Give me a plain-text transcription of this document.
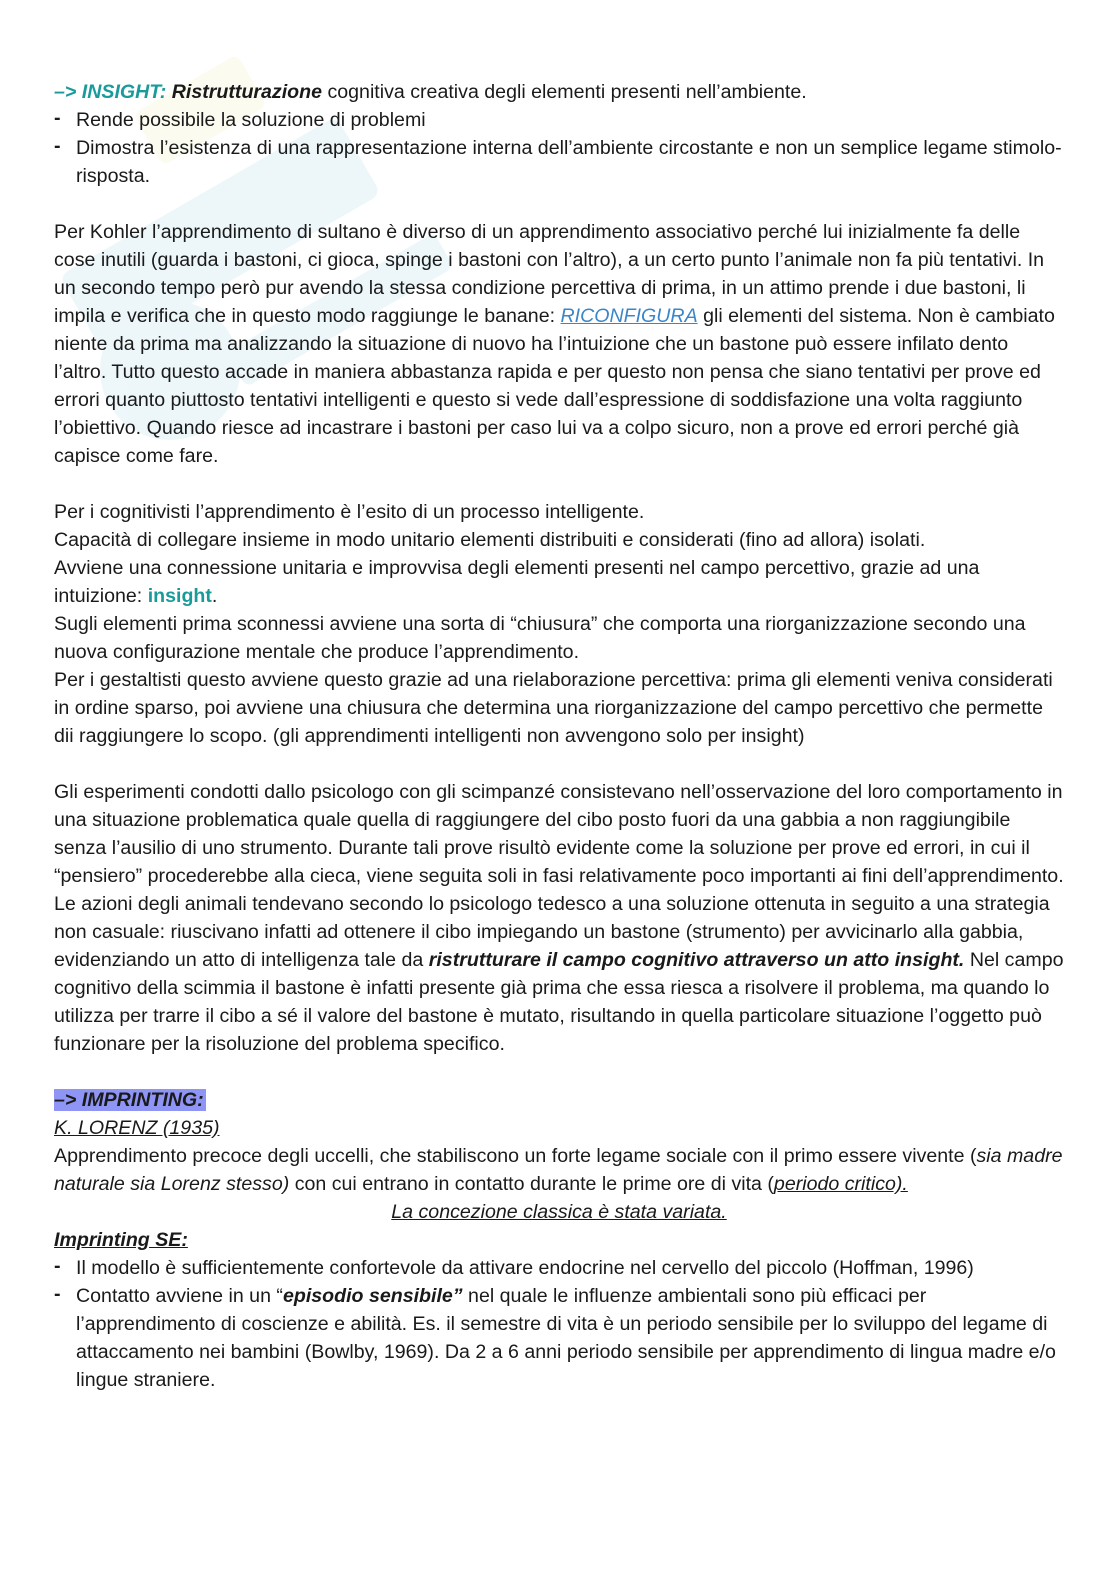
–> INSIGHT: Ristrutturazione cognitiva creativa degli elementi presenti nell’ambiente.

- Rende possibile la soluzione di problemi
- Dimostra l’esistenza di una rappresentazione interna dell’ambiente circostante e non un semplice legame stimolo-risposta.

Per Kohler l’apprendimento di sultano è diverso di un apprendimento associativo perché lui inizialmente fa delle cose inutili (guarda i bastoni, ci gioca, spinge i bastoni con l’altro), a un certo punto l’animale non fa più tentativi. In un secondo tempo però pur avendo la stessa condizione percettiva di prima, in un attimo prende i due bastoni, li impila e verifica che in questo modo raggiunge le banane: RICONFIGURA gli elementi del sistema. Non è cambiato niente da prima ma analizzando la situazione di nuovo ha l’intuizione che un bastone può essere infilato dento l’altro. Tutto questo accade in maniera abbastanza rapida e per questo non pensa che siano tentativi per prove ed errori quanto piuttosto tentativi intelligenti e questo si vede dall’espressione di soddisfazione una volta raggiunto l’obiettivo. Quando riesce ad incastrare i bastoni per caso lui va a colpo sicuro, non a prove ed errori perché già capisce come fare.

Per i cognitivisti l’apprendimento è l’esito di un processo intelligente.

Capacità di collegare insieme in modo unitario elementi distribuiti e considerati (fino ad allora) isolati.

Avviene una connessione unitaria e improvvisa degli elementi presenti nel campo percettivo, grazie ad una intuizione: insight.

Sugli elementi prima sconnessi avviene una sorta di “chiusura” che comporta una riorganizzazione secondo una nuova configurazione mentale che produce l’apprendimento.

Per i gestaltisti questo avviene questo grazie ad una rielaborazione percettiva: prima gli elementi veniva considerati in ordine sparso, poi avviene una chiusura che determina una riorganizzazione del campo percettivo che permette dii raggiungere lo scopo. (gli apprendimenti intelligenti non avvengono solo per insight)

Gli esperimenti condotti dallo psicologo con gli scimpanzé consistevano nell’osservazione del loro comportamento in una situazione problematica quale quella di raggiungere del cibo posto fuori da una gabbia a non raggiungibile senza l’ausilio di uno strumento. Durante tali prove risultò evidente come la soluzione per prove ed errori, in cui il “pensiero” procederebbe alla cieca, viene seguita soli in fasi relativamente poco importanti ai fini dell’apprendimento. Le azioni degli animali tendevano secondo lo psicologo tedesco a una soluzione ottenuta in seguito a una strategia non casuale: riuscivano infatti ad ottenere il cibo impiegando un bastone (strumento) per avvicinarlo alla gabbia, evidenziando un atto di intelligenza tale da ristrutturare il campo cognitivo attraverso un atto insight. Nel campo cognitivo della scimmia il bastone è infatti presente già prima che essa riesca a risolvere il problema, ma quando lo utilizza per trarre il cibo a sé il valore del bastone è mutato, risultando in quella particolare situazione l’oggetto può funzionare per la risoluzione del problema specifico.

–> IMPRINTING:

K. LORENZ (1935)

Apprendimento precoce degli uccelli, che stabiliscono un forte legame sociale con il primo essere vivente (sia madre naturale sia Lorenz stesso) con cui entrano in contatto durante le prime ore di vita (periodo critico).

La concezione classica è stata variata.

Imprinting SE:

- Il modello è sufficientemente confortevole da attivare endocrine nel cervello del piccolo (Hoffman, 1996)
- Contatto avviene in un “episodio sensibile” nel quale le influenze ambientali sono più efficaci per l’apprendimento di coscienze e abilità. Es. il semestre di vita è un periodo sensibile per lo sviluppo del legame di attaccamento nei bambini (Bowlby, 1969). Da 2 a 6 anni periodo sensibile per apprendimento di lingua madre e/o lingue straniere.
